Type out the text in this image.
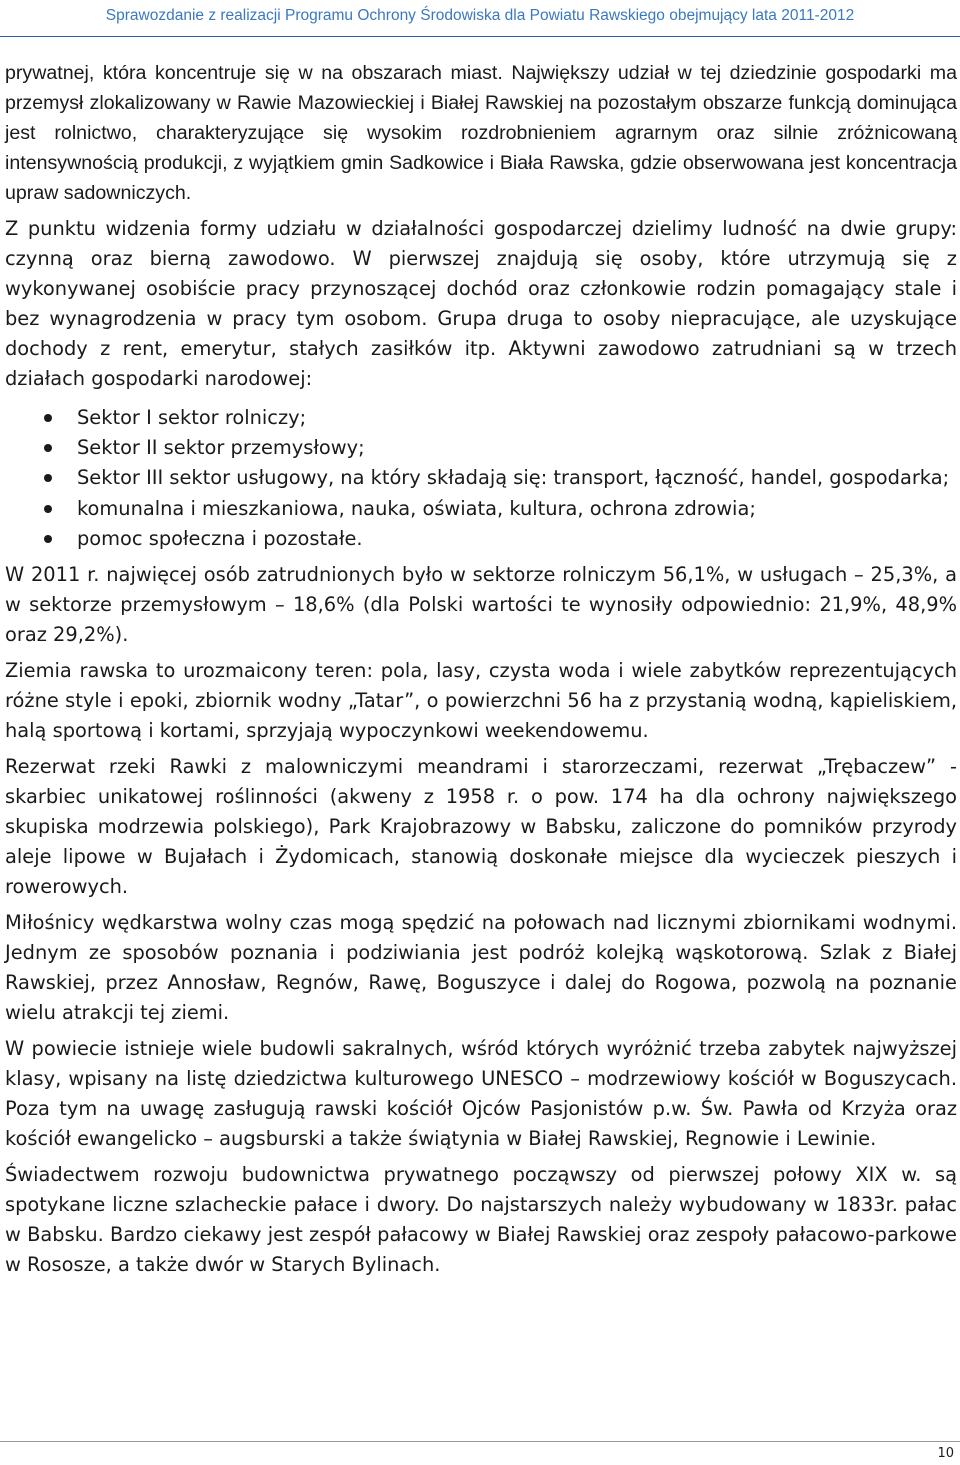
Sprawozdanie z realizacji Programu Ochrony Środowiska dla Powiatu Rawskiego obejmujący lata 2011-2012

prywatnej, która koncentruje się w na obszarach miast. Największy udział w tej dziedzinie gospodarki ma przemysł zlokalizowany w Rawie Mazowieckiej i Białej Rawskiej na pozostałym obszarze funkcją dominująca jest rolnictwo, charakteryzujące się wysokim rozdrobnieniem agrarnym oraz silnie zróżnicowaną intensywnością produkcji, z wyjątkiem gmin Sadkowice i Biała Rawska, gdzie obserwowana jest koncentracja upraw sadowniczych.

Z punktu widzenia formy udziału w działalności gospodarczej dzielimy ludność na dwie grupy: czynną oraz bierną zawodowo. W pierwszej znajdują się osoby, które utrzymują się z wykonywanej osobiście pracy przynoszącej dochód oraz członkowie rodzin pomagający stale i bez wynagrodzenia w pracy tym osobom. Grupa druga to osoby niepracujące, ale uzyskujące dochody z rent, emerytur, stałych zasiłków itp. Aktywni zawodowo zatrudniani są w trzech działach gospodarki narodowej:

Sektor I sektor rolniczy;
Sektor II sektor przemysłowy;
Sektor III sektor usługowy, na który składają się: transport, łączność, handel, gospodarka;
komunalna i mieszkaniowa, nauka, oświata, kultura, ochrona zdrowia;
pomoc społeczna i pozostałe.

W 2011 r. najwięcej osób zatrudnionych było w sektorze rolniczym 56,1%, w usługach – 25,3%, a w sektorze przemysłowym – 18,6% (dla Polski wartości te wynosiły odpowiednio: 21,9%, 48,9% oraz 29,2%).

Ziemia rawska to urozmaicony teren: pola, lasy, czysta woda i wiele zabytków reprezentujących różne style i epoki, zbiornik wodny „Tatar”, o powierzchni 56 ha z przystanią wodną, kąpieliskiem, halą sportową i kortami, sprzyjają wypoczynkowi weekendowemu.

Rezerwat rzeki Rawki z malowniczymi meandrami i starorzeczami, rezerwat „Trębaczew” - skarbiec unikatowej roślinności (akweny z 1958 r. o pow. 174 ha dla ochrony największego skupiska modrzewia polskiego), Park Krajobrazowy w Babsku, zaliczone do pomników przyrody aleje lipowe w Bujałach i Żydomicach, stanowią doskonałe miejsce dla wycieczek pieszych i rowerowych.

Miłośnicy wędkarstwa wolny czas mogą spędzić na połowach nad licznymi zbiornikami wodnymi. Jednym ze sposobów poznania i podziwiania jest podróż kolejką wąskotorową. Szlak z Białej Rawskiej, przez Annosław, Regnów, Rawę, Boguszyce i dalej do Rogowa, pozwolą na poznanie wielu atrakcji tej ziemi.

W powiecie istnieje wiele budowli sakralnych, wśród których wyróżnić trzeba zabytek najwyższej klasy, wpisany na listę dziedzictwa kulturowego UNESCO – modrzewiowy kościół w Boguszycach. Poza tym na uwagę zasługują rawski kościół Ojców Pasjonistów p.w. Św. Pawła od Krzyża oraz kościół ewangelicko – augsburski a także świątynia w Białej Rawskiej, Regnowie i Lewinie.

Świadectwem rozwoju budownictwa prywatnego począwszy od pierwszej połowy XIX w. są spotykane liczne szlacheckie pałace i dwory. Do najstarszych należy wybudowany w 1833r. pałac w Babsku. Bardzo ciekawy jest zespół pałacowy w Białej Rawskiej oraz zespoły pałacowo-parkowe w Rososze, a także dwór w Starych Bylinach.

10
